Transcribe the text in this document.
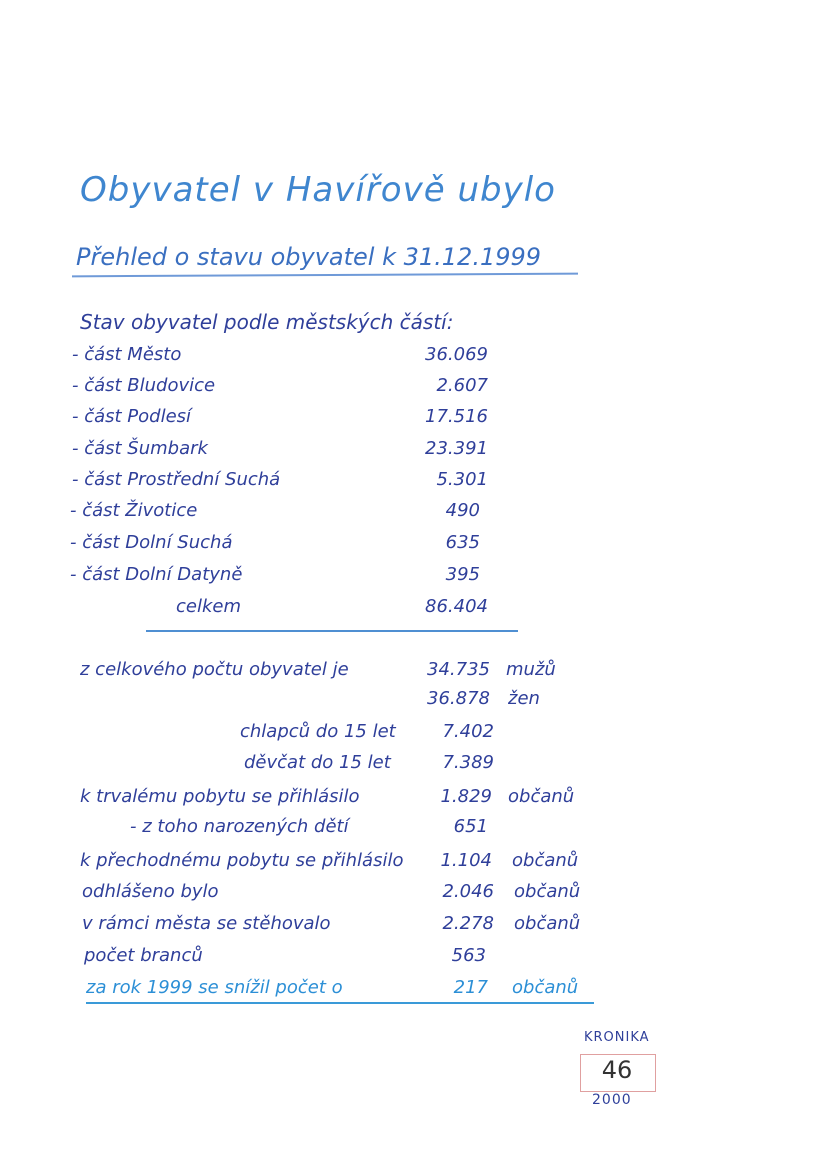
Obyvatel v Havířově ubylo
Přehled o stavu obyvatel k 31.12.1999
Stav obyvatel podle městských částí:
- část Město	36.069
- část Bludovice	2.607
- část Podlesí	17.516
- část Šumbark	23.391
- část Prostřední Suchá	5.301
- část Životice	490
- část Dolní Suchá	635
- část Dolní Datyně	395
celkem	86.404
z celkového počtu obyvatel je	34.735 mužů
36.878 žen
chlapců do 15 let	7.402
děvčat do 15 let	7.389
k trvalému pobytu se přihlásilo	1.829 občanů
- z toho narozených dětí	651
k přechodnému pobytu se přihlásilo	1.104 občanů
odhlášeno bylo	2.046 občanů
v rámci města se stěhovalo	2.278 občanů
počet branců	563
za rok 1999 se snížil počet o	217 občanů
KRONIKA
46
2000
